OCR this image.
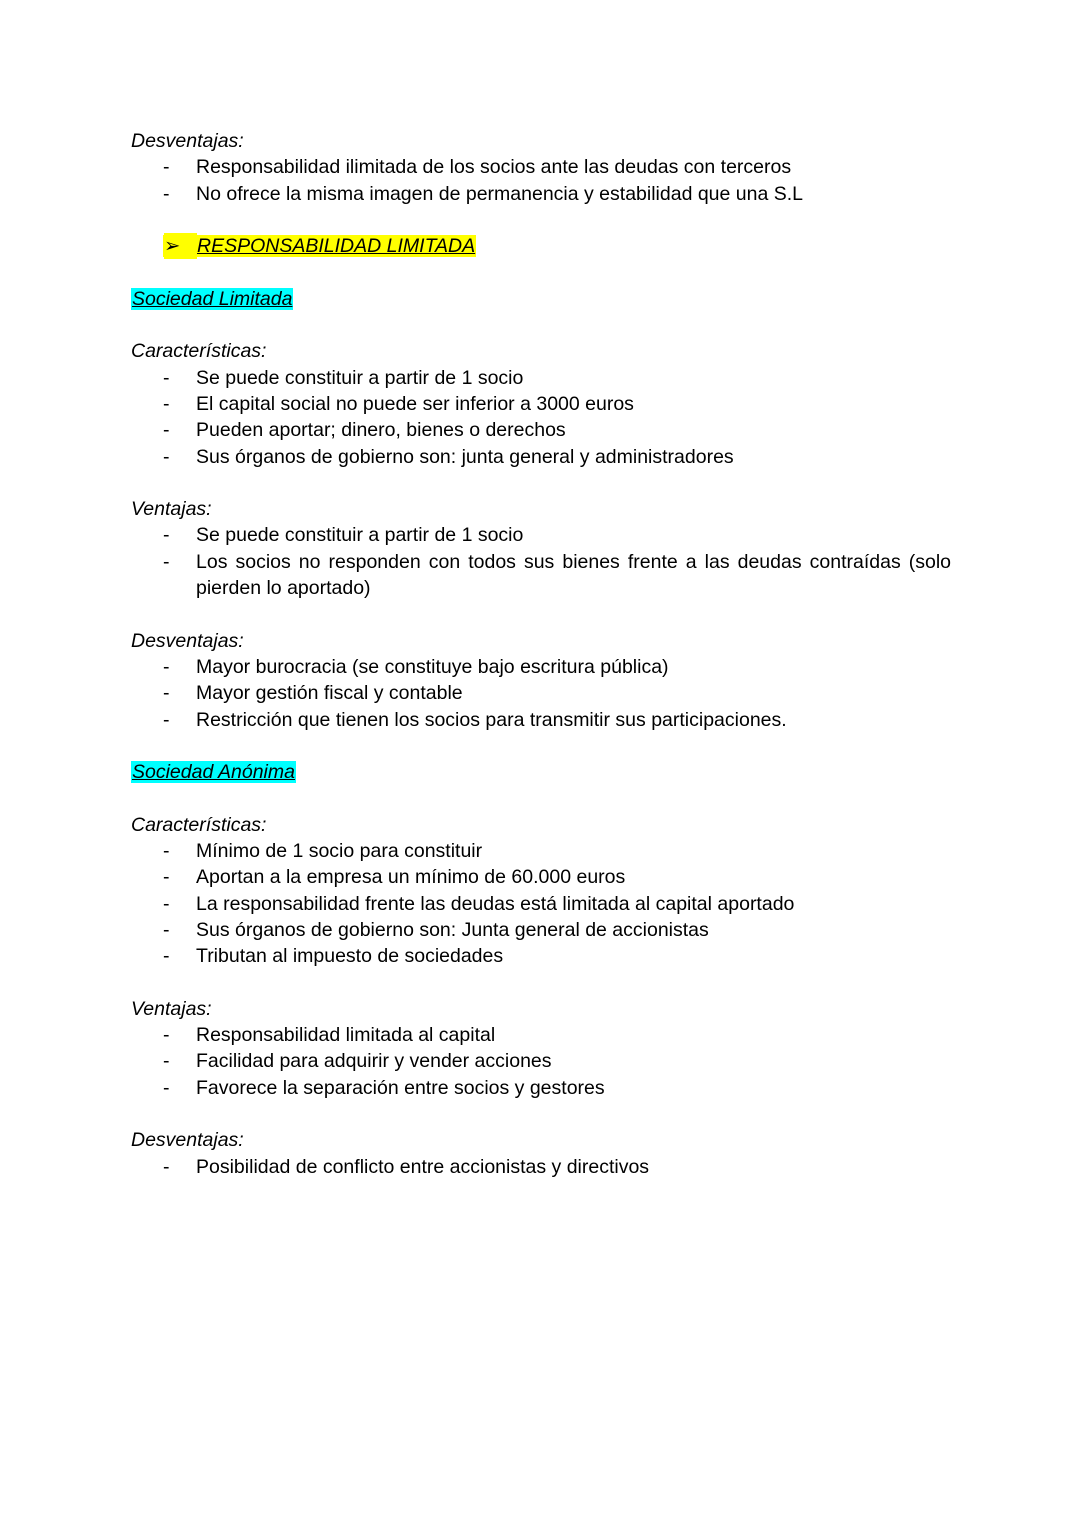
Desventajas:

- Responsabilidad ilimitada de los socios ante las deudas con terceros
- No ofrece la misma imagen de permanencia y estabilidad que una S.L
➢ RESPONSABILIDAD LIMITADA

Sociedad Limitada

Características:

- Se puede constituir a partir de 1 socio
- El capital social no puede ser inferior a 3000 euros
- Pueden aportar; dinero, bienes o derechos
- Sus órganos de gobierno son: junta general y administradores

Ventajas:

- Se puede constituir a partir de 1 socio
- Los socios no responden con todos sus bienes frente a las deudas contraídas (solo pierden lo aportado)

Desventajas:

- Mayor burocracia (se constituye bajo escritura pública)
- Mayor gestión fiscal y contable
- Restricción que tienen los socios para transmitir sus participaciones.

Sociedad Anónima

Características:

- Mínimo de 1 socio para constituir
- Aportan a la empresa un mínimo de 60.000 euros
- La responsabilidad frente las deudas está limitada al capital aportado
- Sus órganos de gobierno son: Junta general de accionistas
- Tributan al impuesto de sociedades

Ventajas:

- Responsabilidad limitada al capital
- Facilidad para adquirir y vender acciones
- Favorece la separación entre socios y gestores

Desventajas:

- Posibilidad de conflicto entre accionistas y directivos
